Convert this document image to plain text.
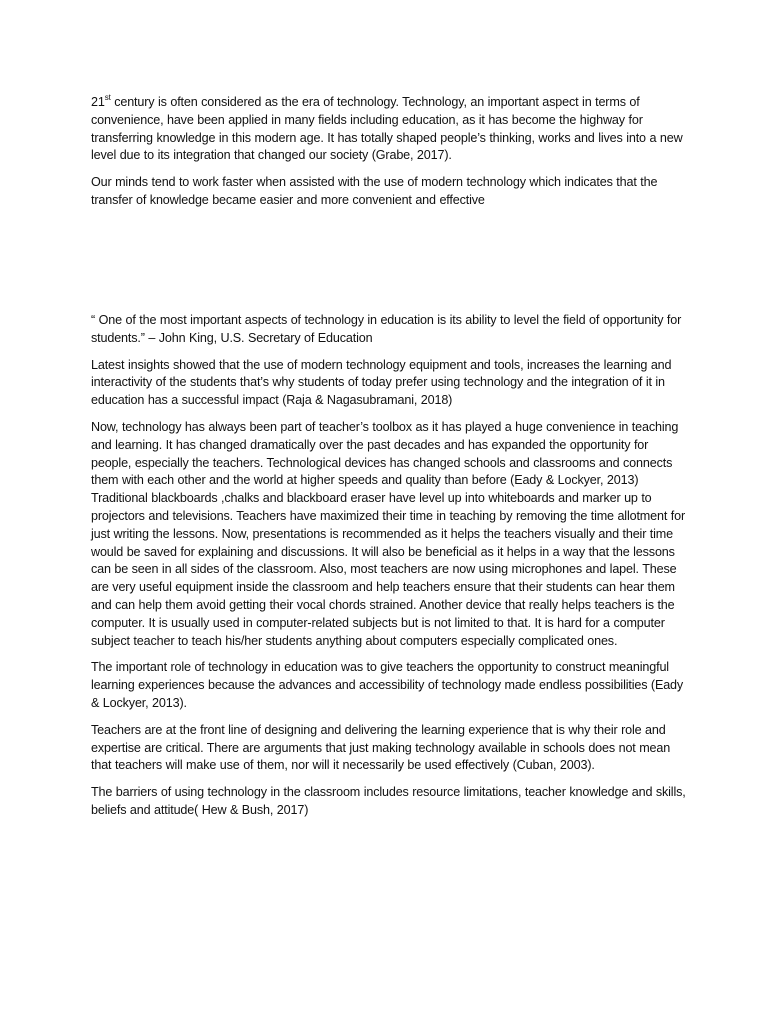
21st century is often considered as the era of technology. Technology, an important aspect in terms of convenience, have been applied in many fields including education, as it has become the highway for transferring knowledge in this modern age. It has totally shaped people’s thinking, works and lives into a new level due to its integration that changed our society (Grabe, 2017).

Our minds tend to work faster when assisted with the use of modern technology which indicates that the transfer of knowledge became easier and more convenient and effective

“ One of the most important aspects of technology in education is its ability to level the field of opportunity for students.” – John King, U.S. Secretary of Education

Latest insights showed that the use of modern technology equipment and tools, increases the learning and interactivity of the students that’s why students of today prefer using technology and the integration of it in education has a successful impact (Raja & Nagasubramani, 2018)

Now, technology has always been part of teacher’s toolbox as it has played a huge convenience in teaching and learning. It has changed dramatically over the past decades and has expanded the opportunity for people, especially the teachers. Technological devices has changed schools and classrooms and connects them with each other and the world at higher speeds and quality than before (Eady & Lockyer, 2013) Traditional blackboards ,chalks and blackboard eraser have level up into whiteboards and marker up to projectors and televisions. Teachers have maximized their time in teaching by removing the time allotment for just writing the lessons. Now, presentations is recommended as it helps the teachers visually and their time would be saved for explaining and discussions. It will also be beneficial as it helps in a way that the lessons can be seen in all sides of the classroom. Also, most teachers are now using microphones and lapel. These are very useful equipment inside the classroom and help teachers ensure that their students can hear them and can help them avoid getting their vocal chords strained. Another device that really helps teachers is the computer. It is usually used in computer-related subjects but is not limited to that. It is hard for a computer subject teacher to teach his/her students anything about computers especially complicated ones.

The important role of technology in education was to give teachers the opportunity to construct meaningful learning experiences because the advances and accessibility of technology made endless possibilities (Eady & Lockyer, 2013).

Teachers are at the front line of designing and delivering the learning experience that is why their role and expertise are critical. There are arguments that just making technology available in schools does not mean that teachers will make use of them, nor will it necessarily be used effectively (Cuban, 2003).

The barriers of using technology in the classroom includes resource limitations, teacher knowledge and skills, beliefs and attitude( Hew & Bush, 2017)
